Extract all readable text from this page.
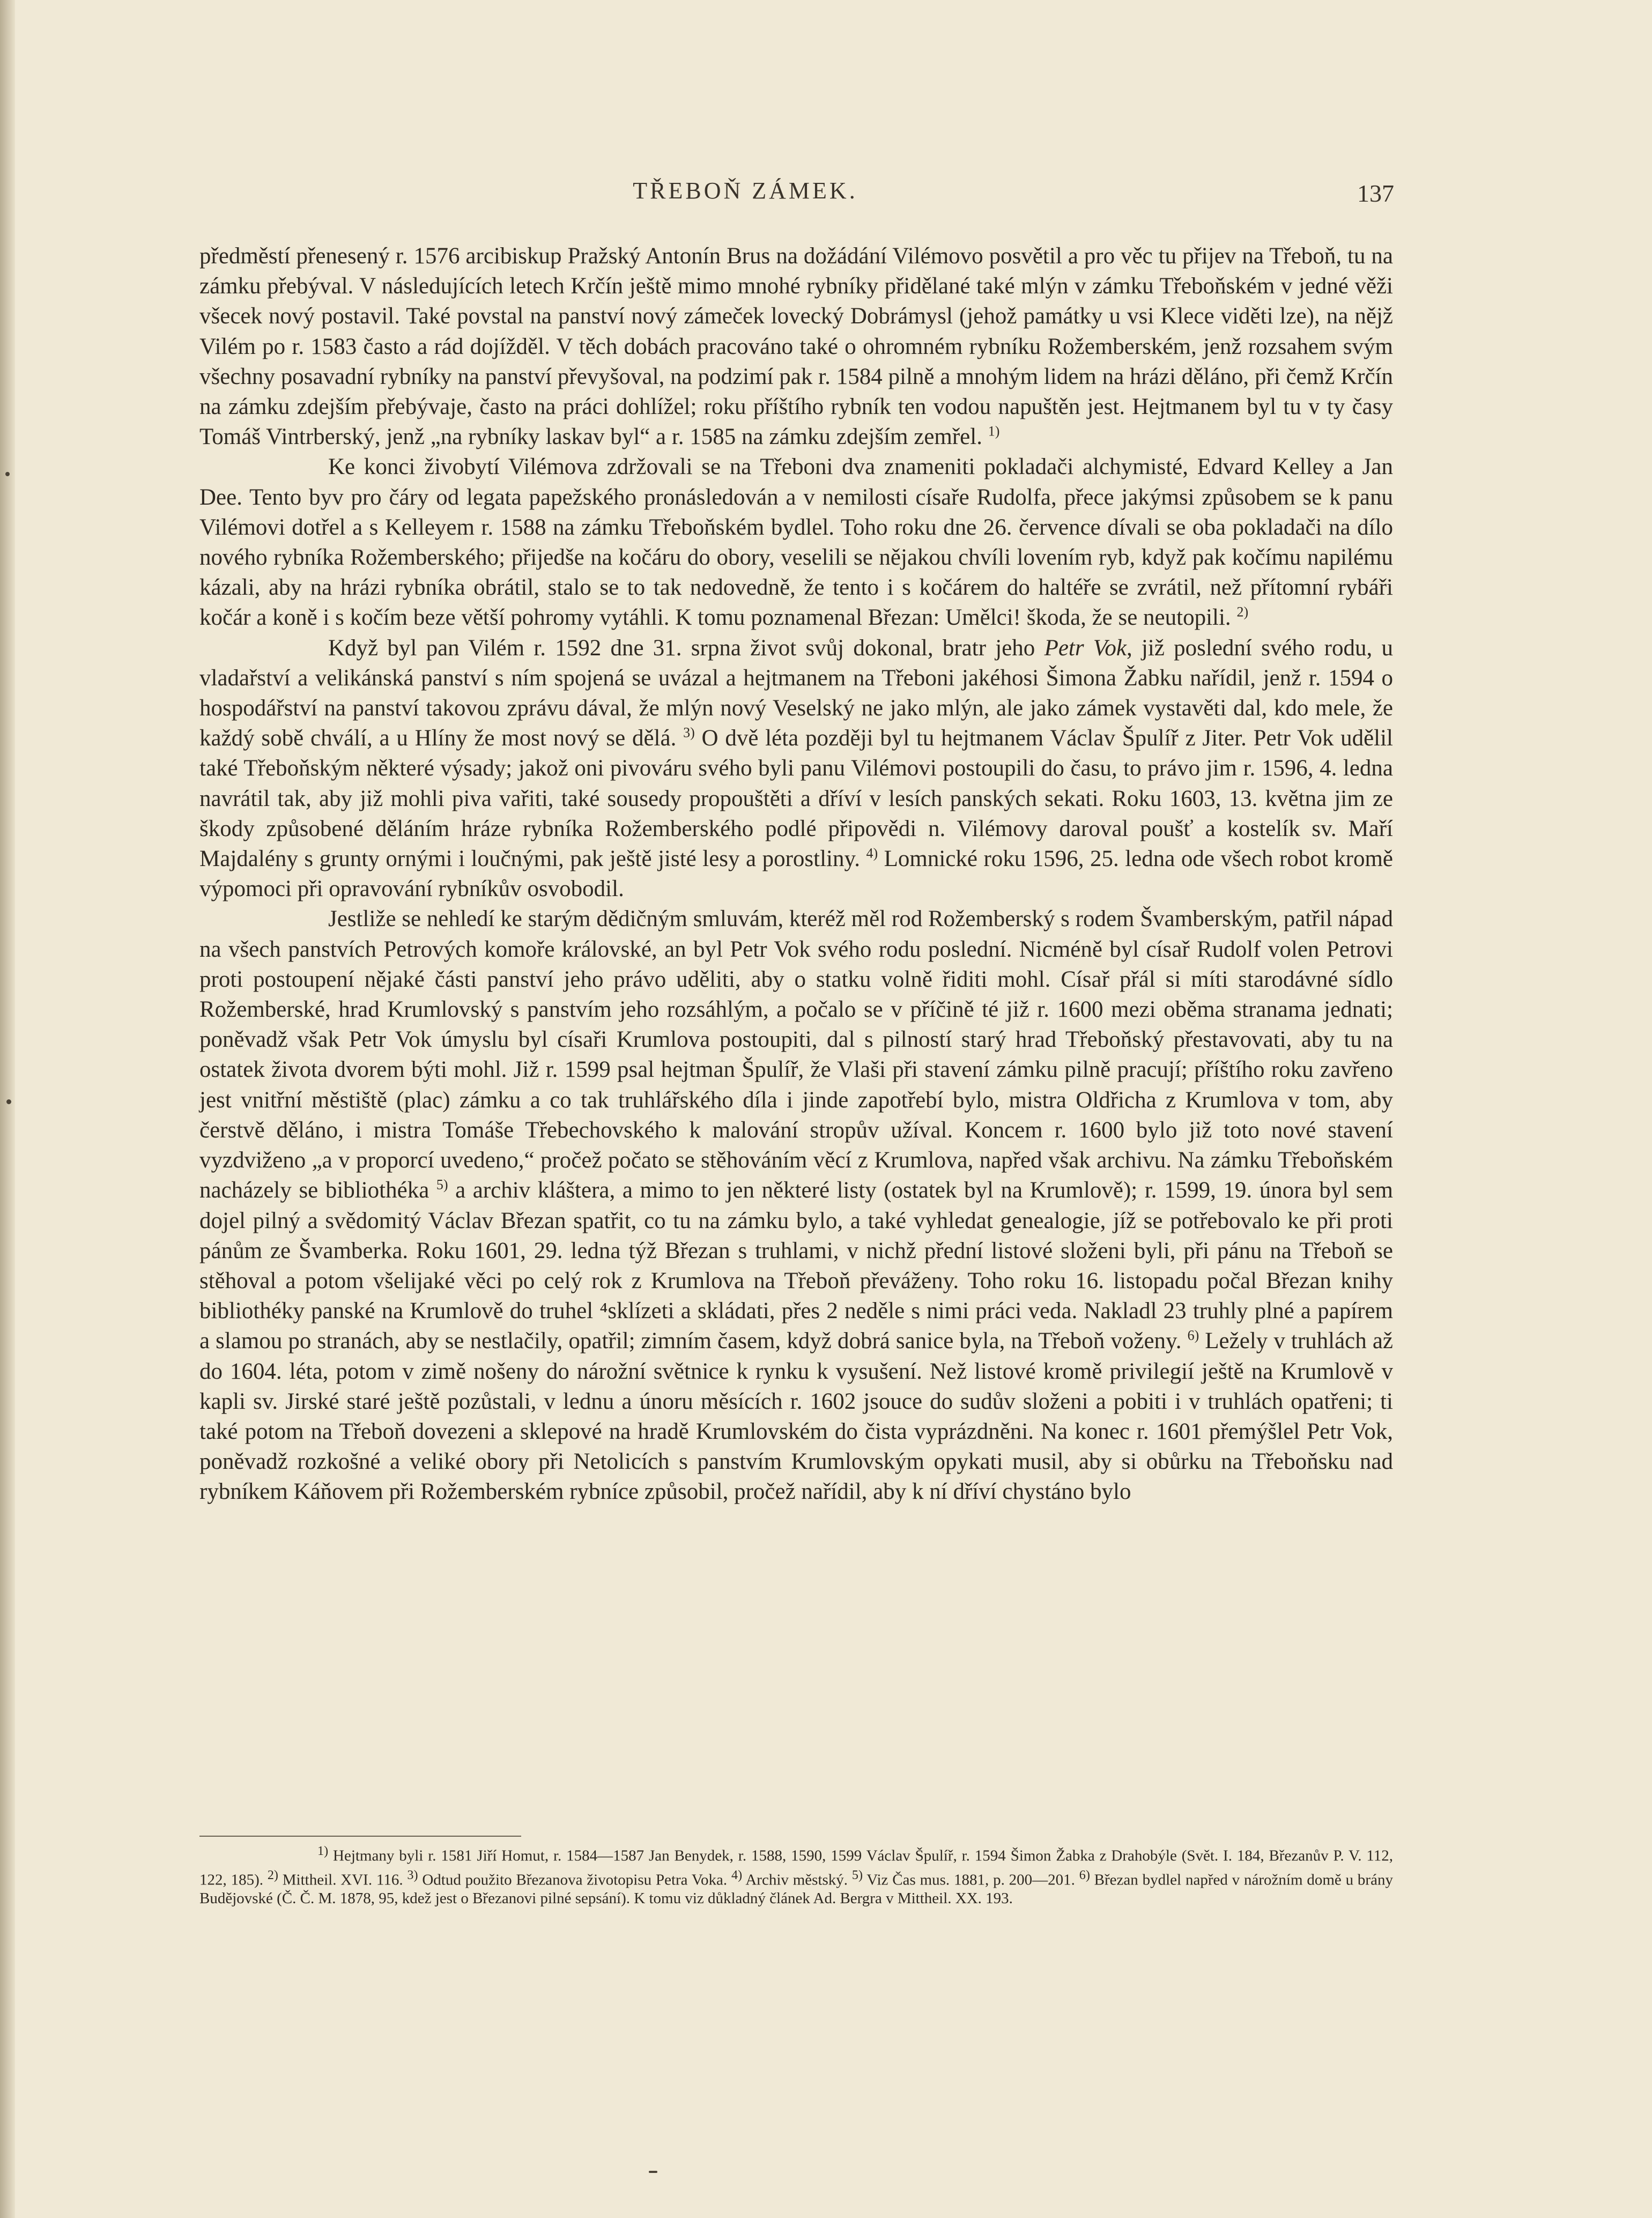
TŘEBOŇ ZÁMEK.	137

předměstí přenesený r. 1576 arcibiskup Pražský Antonín Brus na dožádání Vilémovo posvětil a pro věc tu přijev na Třeboň, tu na zámku přebýval. V následujících letech Krčín ještě mimo mnohé rybníky přidělané také mlýn v zámku Třeboňském v jedné věži všecek nový postavil. Také povstal na panství nový zámeček lovecký Dobrámysl (jehož památky u vsi Klece viděti lze), na nějž Vilém po r. 1583 často a rád dojížděl. V těch dobách pracováno také o ohromném rybníku Rožemberském, jenž rozsahem svým všechny posavadní rybníky na panství převyšoval, na podzimí pak r. 1584 pilně a mnohým lidem na hrázi děláno, při čemž Krčín na zámku zdejším přebývaje, často na práci dohlížel; roku příštího rybník ten vodou napuštěn jest. Hejtmanem byl tu v ty časy Tomáš Vintrberský, jenž „na rybníky laskav byl“ a r. 1585 na zámku zdejším zemřel. $^{1)}$

Ke konci živobytí Vilémova zdržovali se na Třeboni dva znameniti pokladači alchymisté, Edvard Kelley a Jan Dee. Tento byv pro čáry od legata papežského pronásledován a v nemilosti císaře Rudolfa, přece jakýmsi způsobem se k panu Vilémovi dotřel a s Kelleyem r. 1588 na zámku Třeboňském bydlel. Toho roku dne 26. července dívali se oba pokladači na dílo nového rybníka Rožemberského; přijedše na kočáru do obory, veselili se nějakou chvíli lovením ryb, když pak kočímu napilému kázali, aby na hrázi rybníka obrátil, stalo se to tak nedovedně, že tento i s kočárem do haltéře se zvrátil, než přítomní rybáři kočár a koně i s kočím beze větší pohromy vytáhli. K tomu poznamenal Březan: Umělci! škoda, že se neutopili. $^{2)}$

Když byl pan Vilém r. 1592 dne 31. srpna život svůj dokonal, bratr jeho Petr Vok, již poslední svého rodu, u vladařství a velikánská panství s ním spojená se uvázal a hejtmanem na Třeboni jakéhosi Šimona Žabku nařídil, jenž r. 1594 o hospodářství na panství takovou zprávu dával, že mlýn nový Veselský ne jako mlýn, ale jako zámek vystavěti dal, kdo mele, že každý sobě chválí, a u Hlíny že most nový se dělá. $^{3)}$ O dvě léta později byl tu hejtmanem Václav Špulíř z Jiter. Petr Vok udělil také Třeboňským některé výsady; jakož oni pivováru svého byli panu Vilémovi postoupili do času, to právo jim r. 1596, 4. ledna navrátil tak, aby již mohli piva vařiti, také sousedy propouštěti a dříví v lesích panských sekati. Roku 1603, 13. května jim ze škody způsobené děláním hráze rybníka Rožemberského podlé připovědi n. Vilémovy daroval poušť a kostelík sv. Maří Majdalény s grunty ornými i loučnými, pak ještě jisté lesy a porostliny. $^{4)}$ Lomnické roku 1596, 25. ledna ode všech robot kromě výpomoci při opravování rybníkův osvobodil.

Jestliže se nehledí ke starým dědičným smluvám, kteréž měl rod Rožemberský s rodem Švamberským, patřil nápad na všech panstvích Petrových komoře královské, an byl Petr Vok svého rodu poslední. Nicméně byl císař Rudolf volen Petrovi proti postoupení nějaké části panství jeho právo uděliti, aby o statku volně řiditi mohl. Císař přál si míti starodávné sídlo Rožemberské, hrad Krumlovský s panstvím jeho rozsáhlým, a počalo se v příčině té již r. 1600 mezi oběma stranama jednati; poněvadž však Petr Vok úmyslu byl císaři Krumlova postoupiti, dal s pilností starý hrad Třeboňský přestavovati, aby tu na ostatek života dvorem býti mohl. Již r. 1599 psal hejtman Špulíř, že Vlaši při stavení zámku pilně pracují; příštího roku zavřeno jest vnitřní městiště (plac) zámku a co tak truhlářského díla i jinde zapotřebí bylo, mistra Oldřicha z Krumlova v tom, aby čerstvě děláno, i mistra Tomáše Třebechovského k malování stropův užíval. Koncem r. 1600 bylo již toto nové stavení vyzdviženo „a v proporcí uvedeno,“ pročež počato se stěhováním věcí z Krumlova, napřed však archivu. Na zámku Třeboňském nacházely se bibliothéka $^{5)}$ a archiv kláštera, a mimo to jen některé listy (ostatek byl na Krumlově); r. 1599, 19. února byl sem dojel pilný a svědomitý Václav Březan spatřit, co tu na zámku bylo, a také vyhledat genealogie, jíž se potřebovalo ke při proti pánům ze Švamberka. Roku 1601, 29. ledna týž Březan s truhlami, v nichž přední listové složeni byli, při pánu na Třeboň se stěhoval a potom všelijaké věci po celý rok z Krumlova na Třeboň převáženy. Toho roku 16. listopadu počal Březan knihy bibliothéky panské na Krumlově do truhel ⁴sklízeti a skládati, přes 2 neděle s nimi práci veda. Nakladl 23 truhly plné a papírem a slamou po stranách, aby se nestlačily, opatřil; zimním časem, když dobrá sanice byla, na Třeboň voženy. $^{6)}$ Ležely v truhlách až do 1604. léta, potom v zimě nošeny do nárožní světnice k rynku k vysušení. Než listové kromě privilegií ještě na Krumlově v kapli sv. Jirské staré ještě pozůstali, v lednu a únoru měsících r. 1602 jsouce do sudův složeni a pobiti i v truhlách opatřeni; ti také potom na Třeboň dovezeni a sklepové na hradě Krumlovském do čista vyprázdněni. Na konec r. 1601 přemýšlel Petr Vok, poněvadž rozkošné a veliké obory při Netolicích s panstvím Krumlovským opykati musil, aby si obůrku na Třeboňsku nad rybníkem Káňovem při Rožemberském rybníce způsobil, pročež nařídil, aby k ní dříví chystáno bylo

$^{1)}$ Hejtmany byli r. 1581 Jiří Homut, r. 1584—1587 Jan Benydek, r. 1588, 1590, 1599 Václav Špulíř, r. 1594 Šimon Žabka z Drahobýle (Svět. I. 184, Březanův P. V. 112, 122, 185). $^{2)}$ Mittheil. XVI. 116. $^{3)}$ Odtud použito Březanova životopisu Petra Voka. $^{4)}$ Archiv městský. $^{5)}$ Viz Čas mus. 1881, p. 200—201. $^{6)}$ Březan bydlel napřed v nárožním domě u brány Budějovské (Č. Č. M. 1878, 95, kdež jest o Březanovi pilné sepsání). K tomu viz důkladný článek Ad. Bergra v Mittheil. XX. 193.
